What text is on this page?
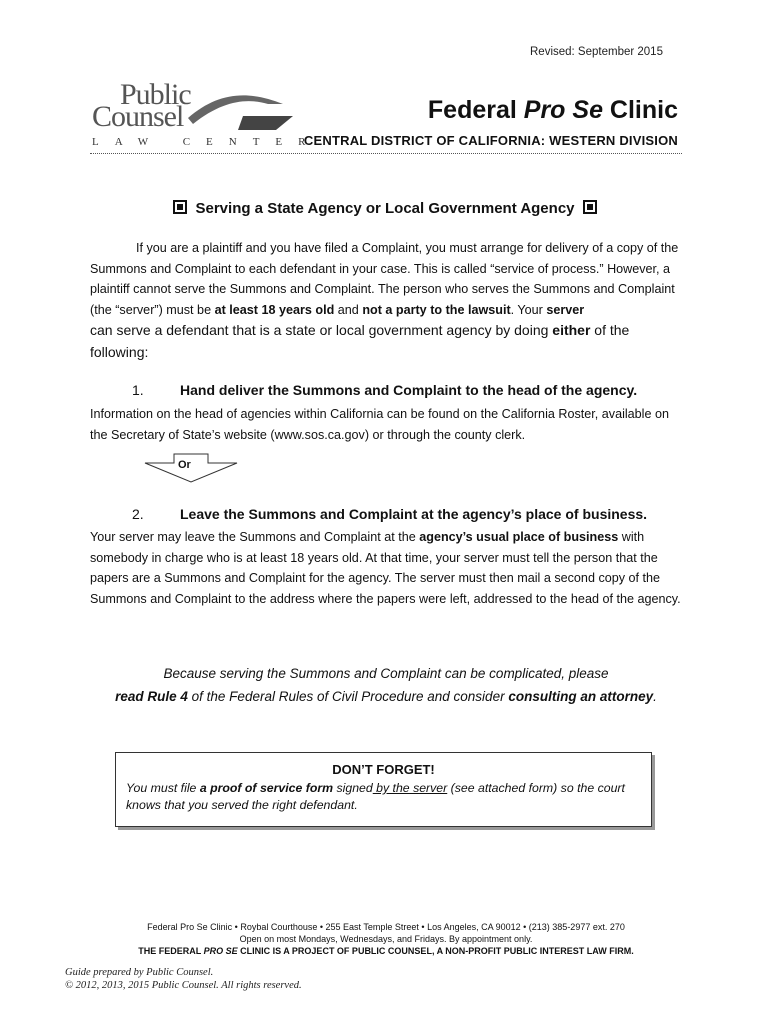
Revised: September 2015
Public
Counsel
LAW CENTER
Federal Pro Se Clinic
CENTRAL DISTRICT OF CALIFORNIA: WESTERN DIVISION
Serving a State Agency or Local Government Agency
If you are a plaintiff and you have filed a Complaint, you must arrange for delivery of a copy of the Summons and Complaint to each defendant in your case. This is called “service of process.” However, a plaintiff cannot serve the Summons and Complaint. The person who serves the Summons and Complaint (the “server”) must be at least 18 years old and not a party to the lawsuit. Your server
can serve a defendant that is a state or local government agency by doing either of the following:
1.	Hand deliver the Summons and Complaint to the head of the agency.
Information on the head of agencies within California can be found on the California Roster, available on the Secretary of State’s website (www.sos.ca.gov) or through the county clerk.
Or
2.	Leave the Summons and Complaint at the agency’s place of business.
Your server may leave the Summons and Complaint at the agency’s usual place of business with somebody in charge who is at least 18 years old. At that time, your server must tell the person that the papers are a Summons and Complaint for the agency. The server must then mail a second copy of the Summons and Complaint to the address where the papers were left, addressed to the head of the agency.
Because serving the Summons and Complaint can be complicated, please
read Rule 4 of the Federal Rules of Civil Procedure and consider consulting an attorney.
DON’T FORGET!
You must file a proof of service form signed by the server (see attached form) so the court knows that you served the right defendant.
Federal Pro Se Clinic • Roybal Courthouse • 255 East Temple Street • Los Angeles, CA 90012 • (213) 385-2977 ext. 270
Open on most Mondays, Wednesdays, and Fridays. By appointment only.
THE FEDERAL PRO SE CLINIC IS A PROJECT OF PUBLIC COUNSEL, A NON-PROFIT PUBLIC INTEREST LAW FIRM.
Guide prepared by Public Counsel.
© 2012, 2013, 2015 Public Counsel. All rights reserved.
